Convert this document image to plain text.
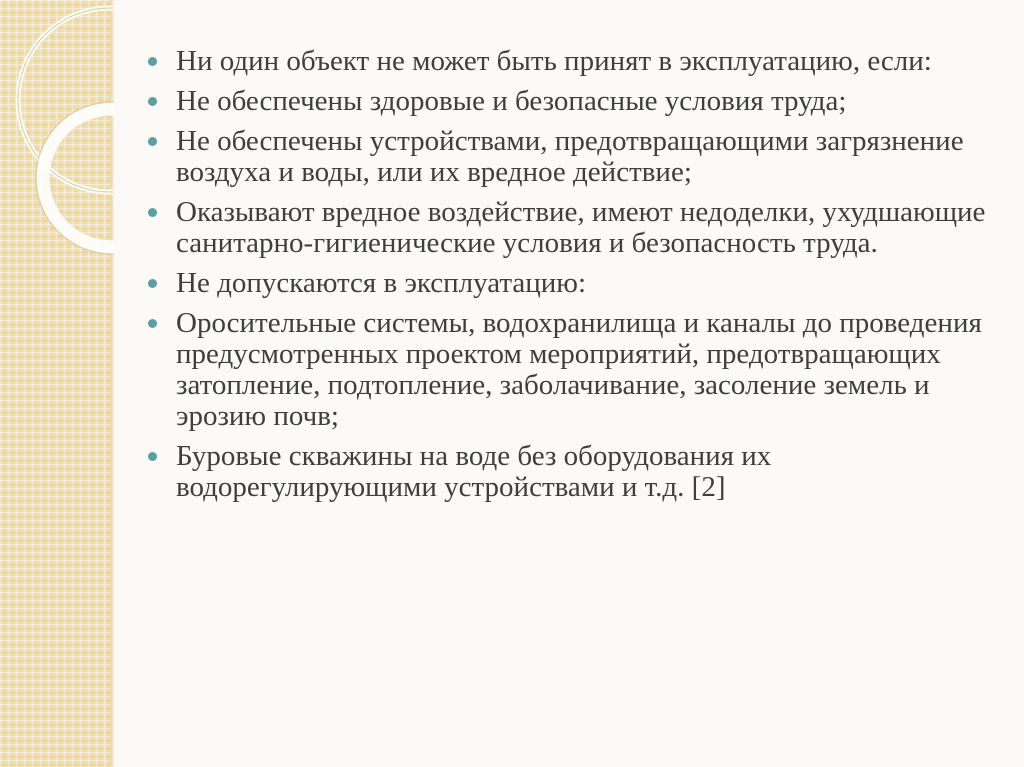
Ни один объект не может быть принят в эксплуатацию, если:
Не обеспечены здоровые и безопасные условия труда;
Не обеспечены устройствами, предотвращающими загрязнение воздуха и воды, или их вредное действие;
Оказывают вредное воздействие, имеют недоделки, ухудшающие санитарно-гигиенические условия и безопасность труда.
Не допускаются в эксплуатацию:
Оросительные системы, водохранилища и каналы до проведения предусмотренных проектом мероприятий, предотвращающих затопление, подтопление, заболачивание, засоление земель и эрозию почв;
Буровые скважины на воде без оборудования их водорегулирующими устройствами и т.д. [2]
